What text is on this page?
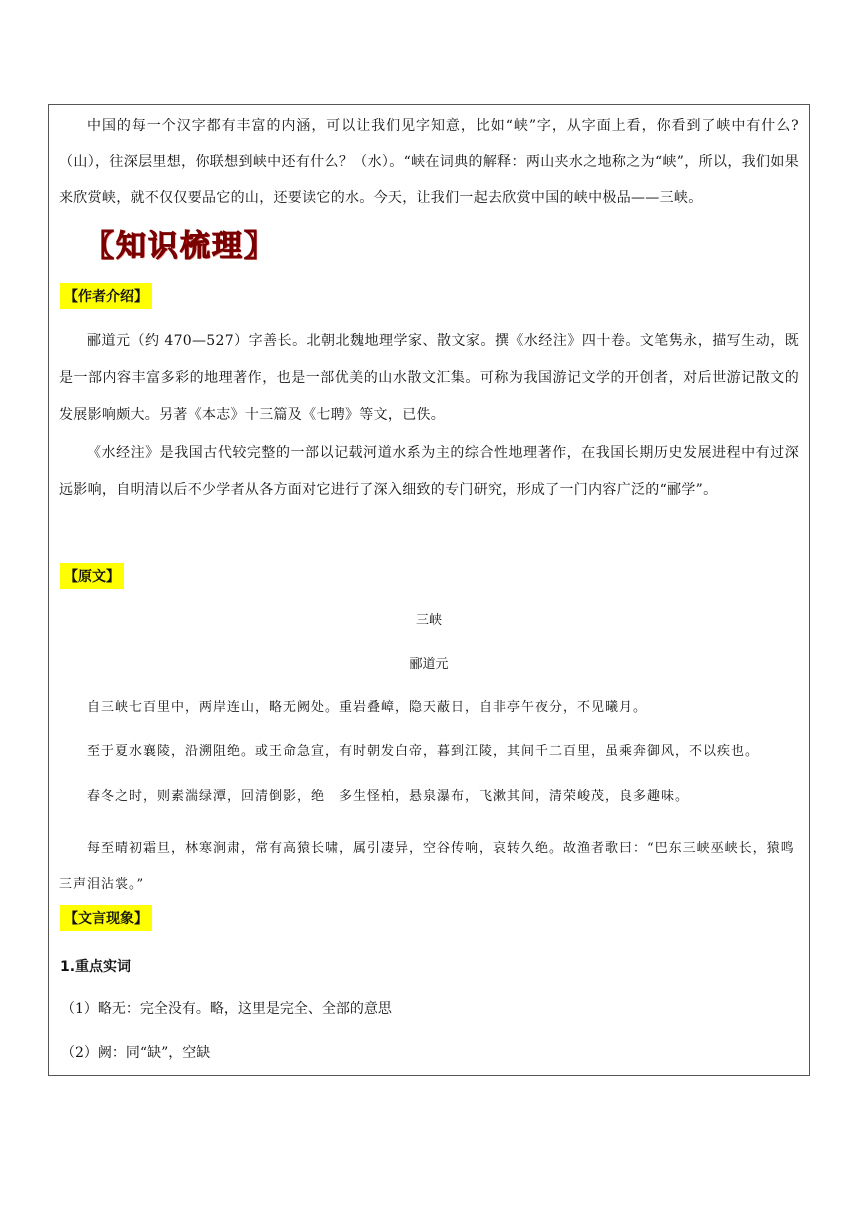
中国的每一个汉字都有丰富的内涵，可以让我们见字知意，比如“峡”字，从字面上看，你看到了峡中有什么?（山），往深层里想，你联想到峡中还有什么？（水）。“峡在词典的解释：两山夹水之地称之为“峡”，所以，我们如果来欣赏峡，就不仅仅要品它的山，还要读它的水。今天，让我们一起去欣赏中国的峡中极品——三峡。

〖知识梳理〗
【作者介绍】

郦道元（约 470—527）字善长。北朝北魏地理学家、散文家。撰《水经注》四十卷。文笔隽永，描写生动，既是一部内容丰富多彩的地理著作，也是一部优美的山水散文汇集。可称为我国游记文学的开创者，对后世游记散文的发展影响颇大。另著《本志》十三篇及《七聘》等文，已佚。

《水经注》是我国古代较完整的一部以记载河道水系为主的综合性地理著作，在我国长期历史发展进程中有过深远影响，自明清以后不少学者从各方面对它进行了深入细致的专门研究，形成了一门内容广泛的“郦学”。

【原文】

三峡

郦道元

自三峡七百里中，两岸连山，略无阙处。重岩叠嶂，隐天蔽日，自非亭午夜分，不见曦月。

至于夏水襄陵，沿溯阻绝。或王命急宣，有时朝发白帝，暮到江陵，其间千二百里，虽乘奔御风，不以疾也。

春冬之时，则素湍绿潭，回清倒影，绝　多生怪柏，悬泉瀑布，飞漱其间，清荣峻茂，良多趣味。

每至晴初霜旦，林寒涧肃，常有高猿长啸，属引凄异，空谷传响，哀转久绝。故渔者歌曰：“巴东三峡巫峡长，猿鸣三声泪沾裳。”

【文言现象】
1.重点实词
（1）略无：完全没有。略，这里是完全、全部的意思
（2）阙：同“缺”，空缺
